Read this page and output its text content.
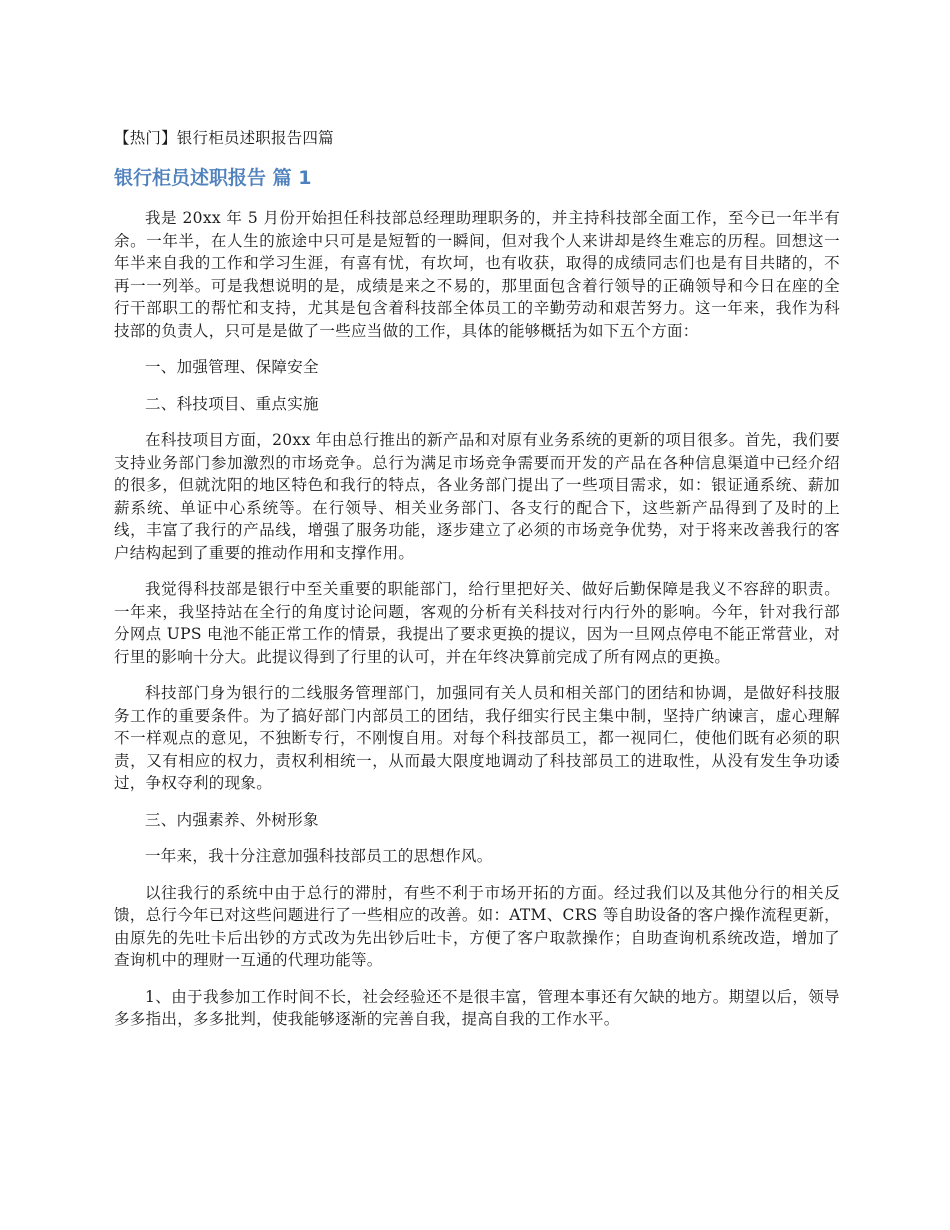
【热门】银行柜员述职报告四篇
银行柜员述职报告 篇 1

我是 20xx 年 5 月份开始担任科技部总经理助理职务的，并主持科技部全面工作，至今已一年半有余。一年半，在人生的旅途中只可是是短暂的一瞬间，但对我个人来讲却是终生难忘的历程。回想这一年半来自我的工作和学习生涯，有喜有忧，有坎坷，也有收获，取得的成绩同志们也是有目共睹的，不再一一列举。可是我想说明的是，成绩是来之不易的，那里面包含着行领导的正确领导和今日在座的全行干部职工的帮忙和支持，尤其是包含着科技部全体员工的辛勤劳动和艰苦努力。这一年来，我作为科技部的负责人，只可是是做了一些应当做的工作，具体的能够概括为如下五个方面：

一、加强管理、保障安全

二、科技项目、重点实施

在科技项目方面，20xx 年由总行推出的新产品和对原有业务系统的更新的项目很多。首先，我们要支持业务部门参加激烈的市场竞争。总行为满足市场竞争需要而开发的产品在各种信息渠道中已经介绍的很多，但就沈阳的地区特色和我行的特点，各业务部门提出了一些项目需求，如：银证通系统、薪加薪系统、单证中心系统等。在行领导、相关业务部门、各支行的配合下，这些新产品得到了及时的上线，丰富了我行的产品线，增强了服务功能，逐步建立了必须的市场竞争优势，对于将来改善我行的客户结构起到了重要的推动作用和支撑作用。

我觉得科技部是银行中至关重要的职能部门，给行里把好关、做好后勤保障是我义不容辞的职责。一年来，我坚持站在全行的角度讨论问题，客观的分析有关科技对行内行外的影响。今年，针对我行部分网点 UPS 电池不能正常工作的情景，我提出了要求更换的提议，因为一旦网点停电不能正常营业，对行里的影响十分大。此提议得到了行里的认可，并在年终决算前完成了所有网点的更换。

科技部门身为银行的二线服务管理部门，加强同有关人员和相关部门的团结和协调，是做好科技服务工作的重要条件。为了搞好部门内部员工的团结，我仔细实行民主集中制，坚持广纳谏言，虚心理解不一样观点的意见，不独断专行，不刚愎自用。对每个科技部员工，都一视同仁，使他们既有必须的职责，又有相应的权力，责权利相统一，从而最大限度地调动了科技部员工的进取性，从没有发生争功诿过，争权夺利的现象。

三、内强素养、外树形象

一年来，我十分注意加强科技部员工的思想作风。

以往我行的系统中由于总行的滞肘，有些不利于市场开拓的方面。经过我们以及其他分行的相关反馈，总行今年已对这些问题进行了一些相应的改善。如：ATM、CRS 等自助设备的客户操作流程更新，由原先的先吐卡后出钞的方式改为先出钞后吐卡，方便了客户取款操作；自助查询机系统改造，增加了查询机中的理财一互通的代理功能等。

1、由于我参加工作时间不长，社会经验还不是很丰富，管理本事还有欠缺的地方。期望以后，领导多多指出，多多批判，使我能够逐渐的完善自我，提高自我的工作水平。
